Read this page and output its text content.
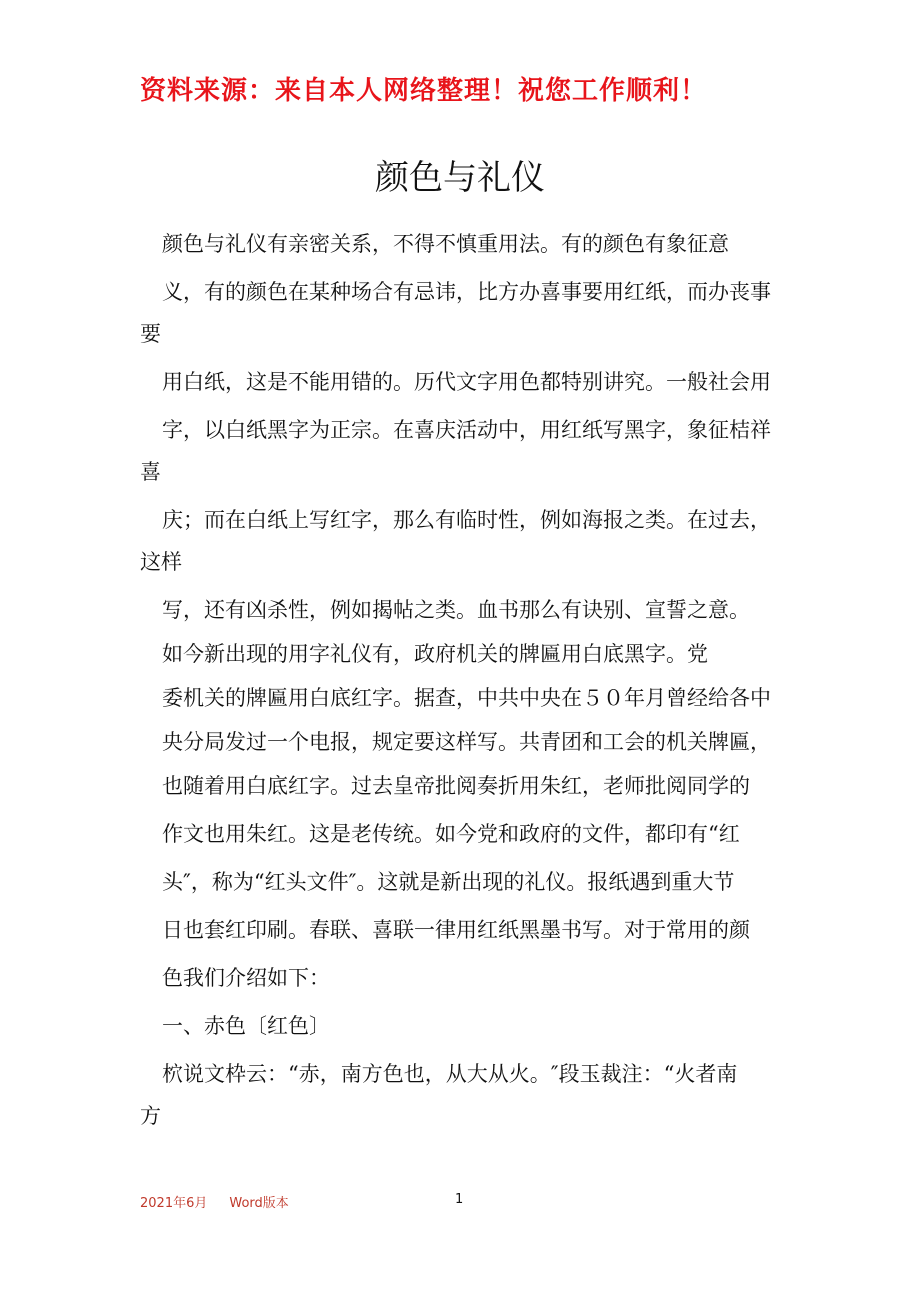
资料来源：来自本人网络整理！祝您工作顺利！
颜色与礼仪
颜色与礼仪有亲密关系，不得不慎重用法。有的颜色有象征意
义，有的颜色在某种场合有忌讳，比方办喜事要用红纸，而办丧事
要
用白纸，这是不能用错的。历代文字用色都特别讲究。一般社会用
字，以白纸黑字为正宗。在喜庆活动中，用红纸写黑字，象征桔祥
喜
庆；而在白纸上写红字，那么有临时性，例如海报之类。在过去，
这样
写，还有凶杀性，例如揭帖之类。血书那么有诀别、宣誓之意。
如今新出现的用字礼仪有，政府机关的牌匾用白底黑字。党
委机关的牌匾用白底红字。据查，中共中央在５０年月曾经给各中
央分局发过一个电报，规定要这样写。共青团和工会的机关牌匾，
也随着用白底红字。过去皇帝批阅奏折用朱红，老师批阅同学的
作文也用朱红。这是老传统。如今党和政府的文件，都印有“红
头″，称为“红头文件″。这就是新出现的礼仪。报纸遇到重大节
日也套红印刷。春联、喜联一律用红纸黑墨书写。对于常用的颜
色我们介绍如下：
一、赤色〔红色〕
柼说文枠云：“赤，南方色也，从大从火。″段玉裁注：“火者南
方
2021年6月 Word版本	1
